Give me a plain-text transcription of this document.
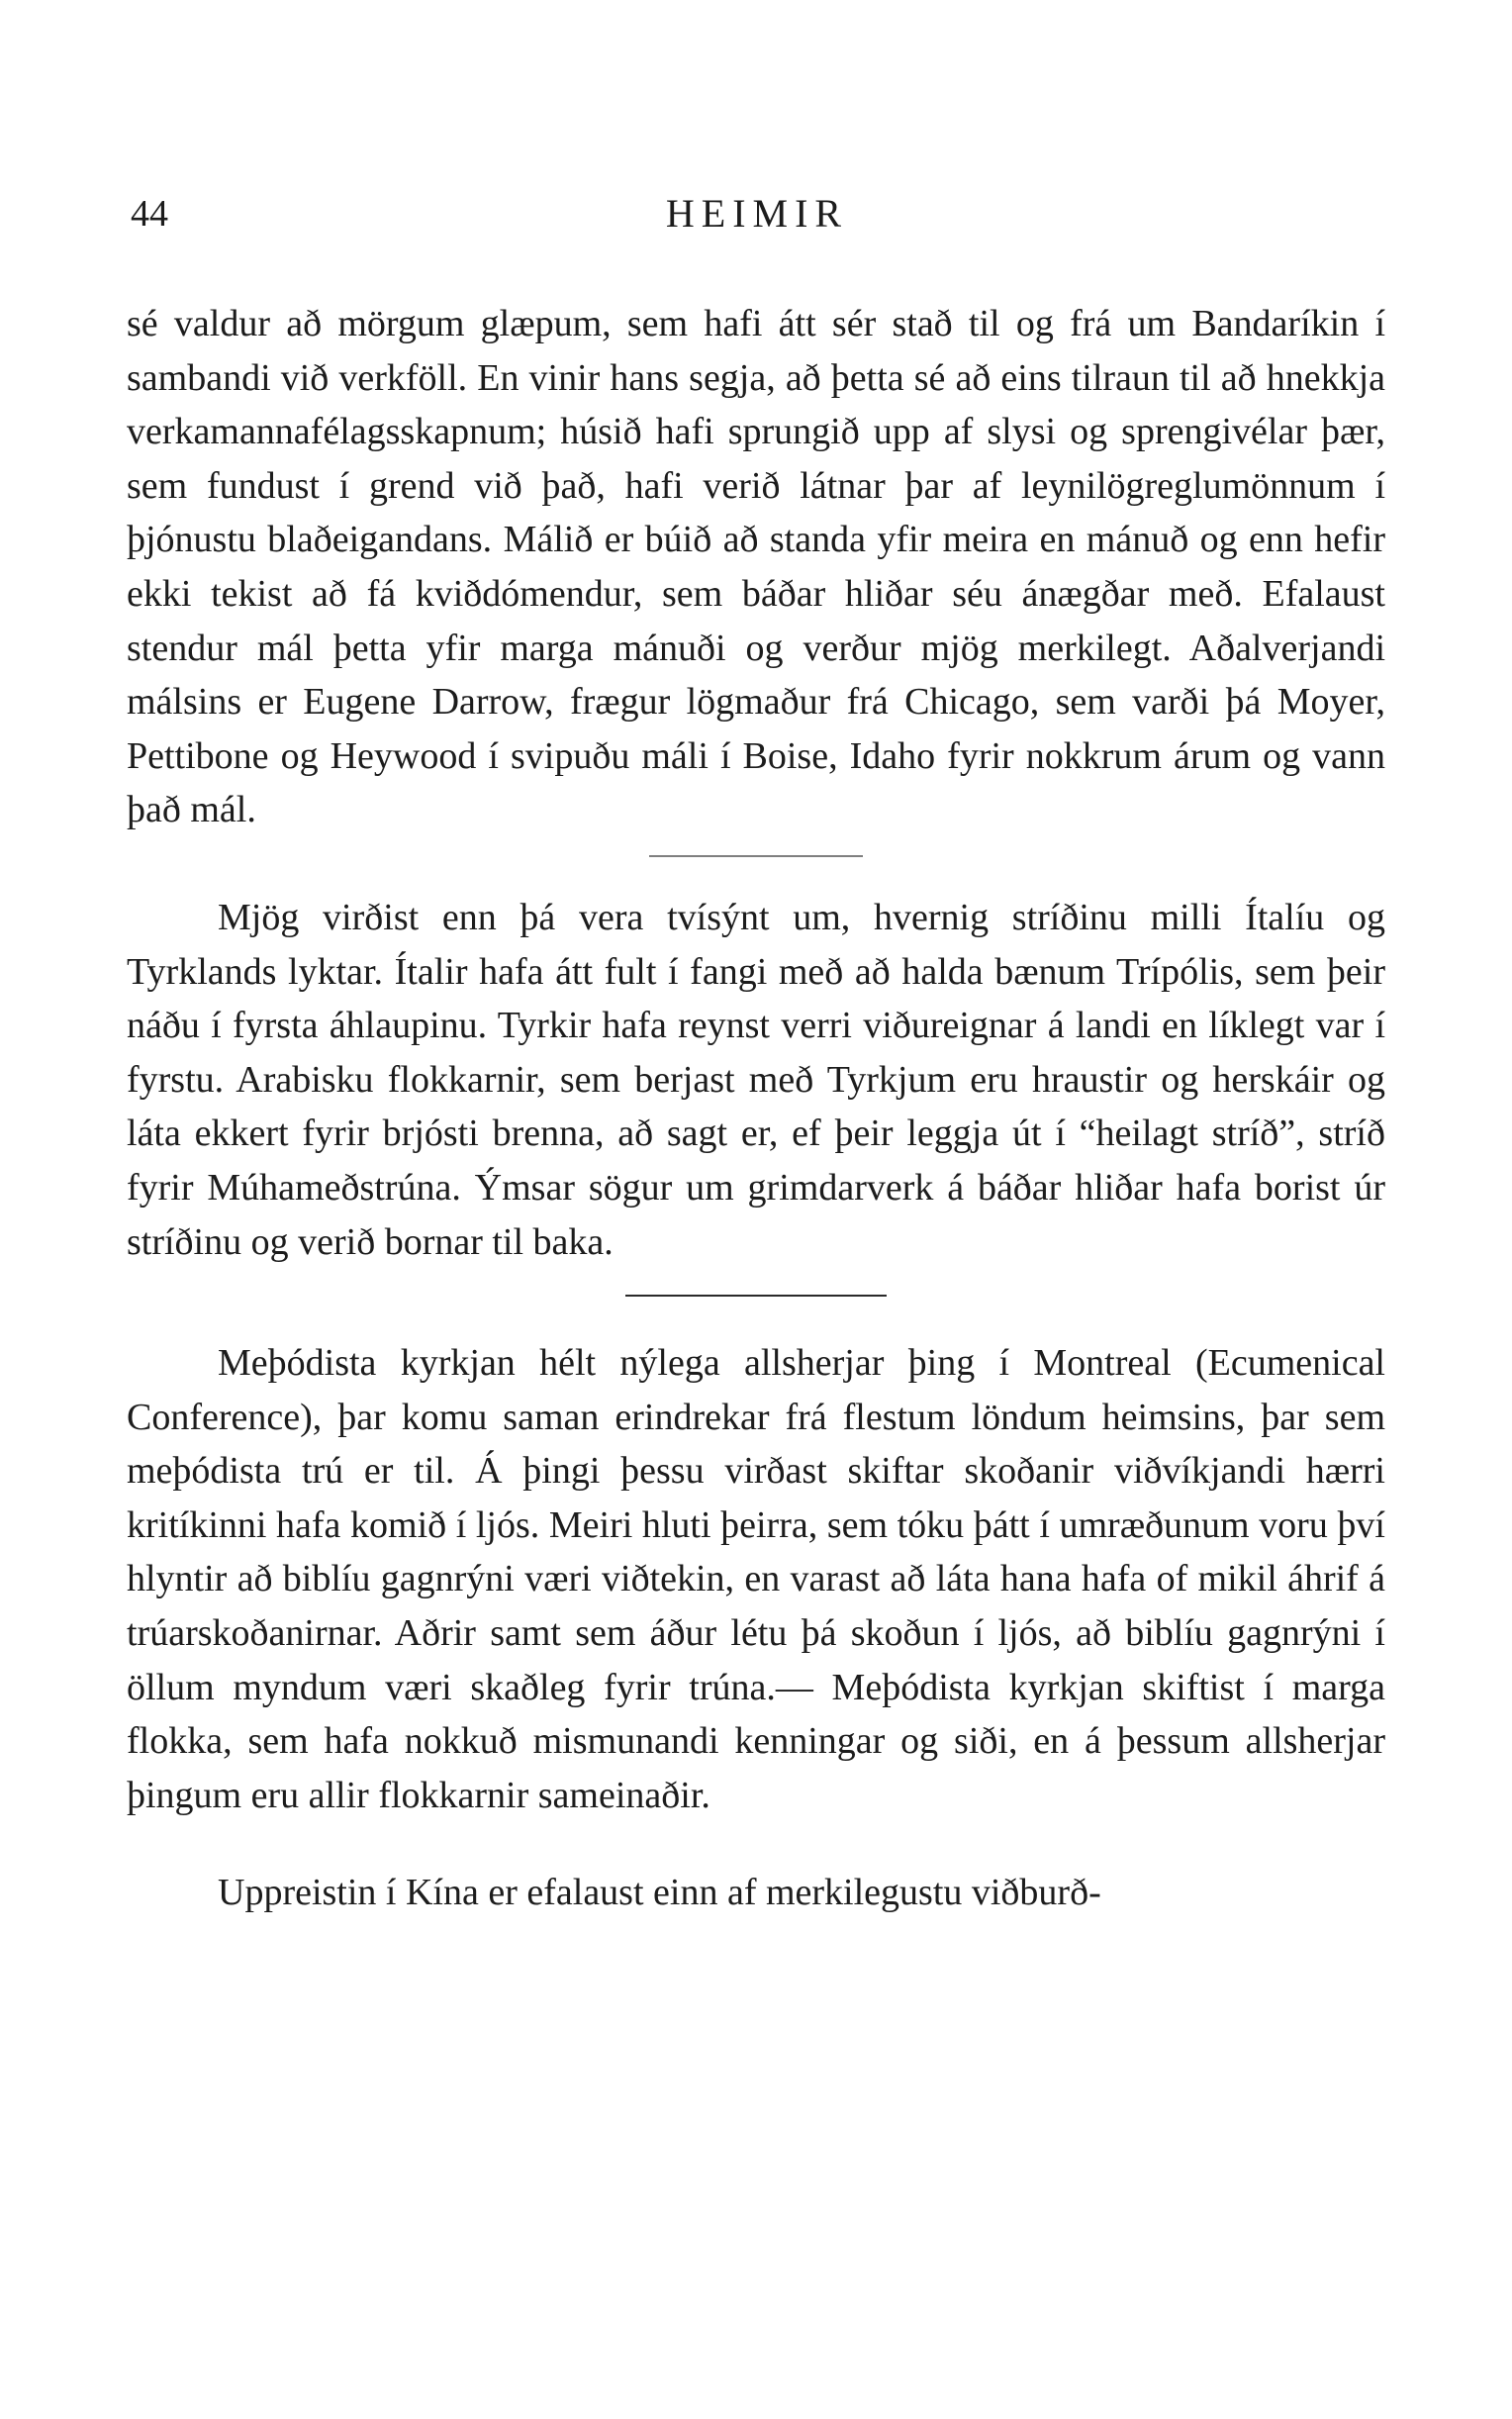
44	HEIMIR

sé valdur að mörgum glæpum, sem hafi átt sér stað til og frá um Bandaríkin í sambandi við verkföll. En vinir hans segja, að þetta sé að eins tilraun til að hnekkja verkamannafélagsskapnum; húsið hafi sprungið upp af slysi og sprengivélar þær, sem fundust í grend við það, hafi verið látnar þar af leynilögreglumönnum í þjónustu blaðeigandans. Málið er búið að standa yfir meira en mánuð og enn hefir ekki tekist að fá kviðdómendur, sem báðar hliðar séu ánægðar með. Efalaust stendur mál þetta yfir marga mánuði og verður mjög merkilegt. Aðalverjandi málsins er Eugene Darrow, frægur lögmaður frá Chicago, sem varði þá Moyer, Pettibone og Heywood í svipuðu máli í Boise, Idaho fyrir nokkrum árum og vann það mál.

Mjög virðist enn þá vera tvísýnt um, hvernig stríðinu milli Ítalíu og Tyrklands lyktar. Ítalir hafa átt fult í fangi með að halda bænum Trípólis, sem þeir náðu í fyrsta áhlaupinu. Tyrkir hafa reynst verri viðureignar á landi en líklegt var í fyrstu. Arabisku flokkarnir, sem berjast með Tyrkjum eru hraustir og herskáir og láta ekkert fyrir brjósti brenna, að sagt er, ef þeir leggja út í “heilagt stríð”, stríð fyrir Múhameðstrúna. Ýmsar sögur um grimdarverk á báðar hliðar hafa borist úr stríðinu og verið bornar til baka.

Meþódista kyrkjan hélt nýlega allsherjar þing í Montreal (Ecumenical Conference), þar komu saman erindrekar frá flestum löndum heimsins, þar sem meþódista trú er til. Á þingi þessu virðast skiftar skoðanir viðvíkjandi hærri kritíkinni hafa komið í ljós. Meiri hluti þeirra, sem tóku þátt í umræðunum voru því hlyntir að biblíu gagnrýni væri viðtekin, en varast að láta hana hafa of mikil áhrif á trúarskoðanirnar. Aðrir samt sem áður létu þá skoðun í ljós, að biblíu gagnrýni í öllum myndum væri skaðleg fyrir trúna.— Meþódista kyrkjan skiftist í marga flokka, sem hafa nokkuð mismunandi kenningar og siði, en á þessum allsherjar þingum eru allir flokkarnir sameinaðir.

Uppreistin í Kína er efalaust einn af merkilegustu viðburð-
